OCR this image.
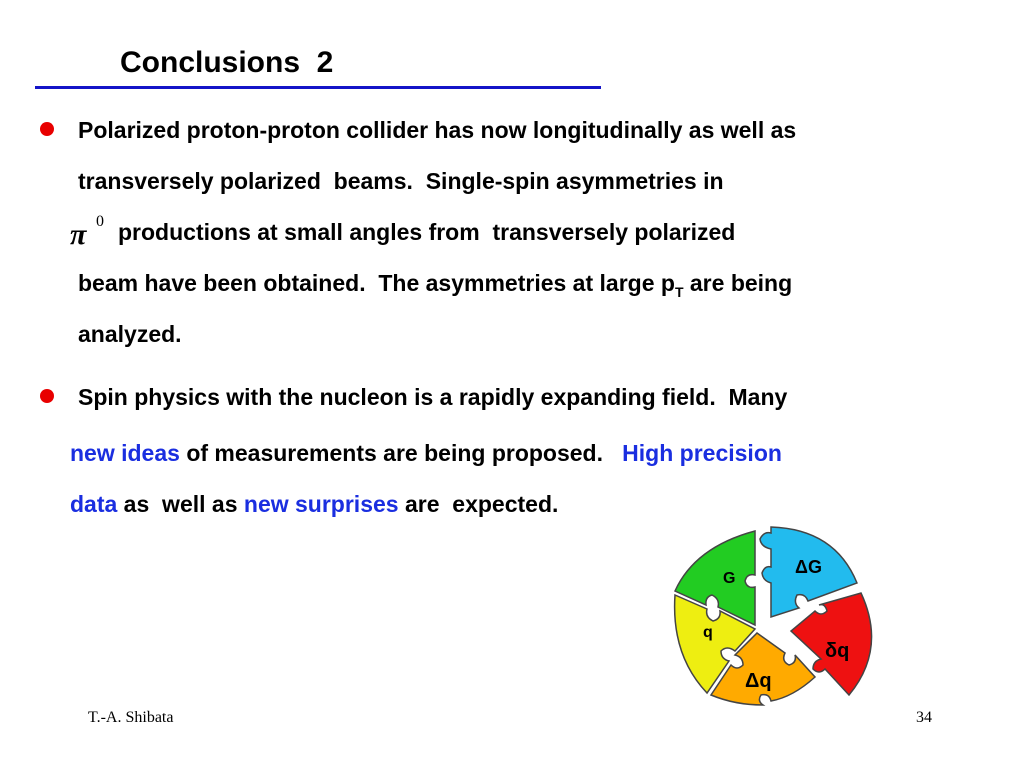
Conclusions  2
Polarized proton-proton collider has now longitudinally as well as
transversely polarized  beams.  Single-spin asymmetries in
π 0 productions at small angles from  transversely polarized
beam have been obtained.  The asymmetries at large $p_T$ are being
analyzed.
Spin physics with the nucleon is a rapidly expanding field.  Many
new ideas of measurements are being proposed.   High precision
data as  well as new surprises are  expected.
G
ΔG
q
δq
Δq
T.-A. Shibata	34
